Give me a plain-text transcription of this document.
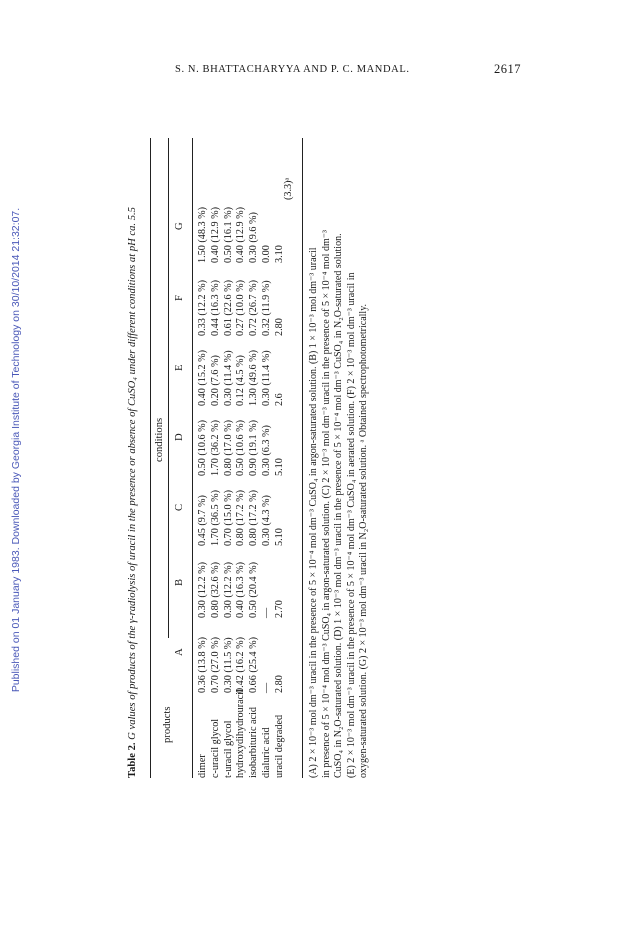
Published on 01 January 1983. Downloaded by Georgia Institute of Technology on 30/10/2014 21:32:07.
S. N. BHATTACHARYYA AND P. C. MANDAL.	2617
Table 2. G values of products of the γ-radiolysis of uracil in the presence or absence of CuSO₄ under different conditions at pH ca. 5.5 conditions
products
A
B
C
D
E
F
G
dimer
0.36 (13.8 %)
0.30 (12.2 %)
0.45 (9.7 %)
0.50 (10.6 %)
0.40 (15.2 %)
0.33 (12.2 %)
1.50 (48.3 %)
c-uracil glycol
0.70 (27.0 %)
0.80 (32.6 %)
1.70 (36.5 %)
1.70 (36.2 %)
0.20 (7.6 %)
0.44 (16.3 %)
0.40 (12.9 %)
t-uracil glycol
0.30 (11.5 %)
0.30 (12.2 %)
0.70 (15.0 %)
0.80 (17.0 %)
0.30 (11.4 %)
0.61 (22.6 %)
0.50 (16.1 %)
hydroxydihydrouracil
0.42 (16.2 %)
0.40 (16.3 %)
0.80 (17.2 %)
0.50 (10.6 %)
0.12 (4.5 %)
0.27 (10.0 %)
0.40 (12.9 %)
isobarbituric acid
0.66 (25.4 %)
0.50 (20.4 %)
0.80 (17.2 %)
0.90 (19.1 %)
1.30 (49.6 %)
0.72 (26.7 %)
0.30 (9.6 %)
dialuric acid
—
—
0.30 (4.3 %)
0.30 (6.3 %)
0.30 (11.4 %)
0.32 (11.9 %)
0.00
uracil degraded
2.80
2.70
5.10
5.10
2.6
2.80
3.10
(3.3)ᵃ
(A) 2 × 10⁻³ mol dm⁻³ uracil in the presence of 5 × 10⁻⁴ mol dm⁻³ CuSO₄ in argon-saturated solution. (B) 1 × 10⁻³ mol dm⁻³ uracil in presence of 5 × 10⁻⁴ mol dm⁻³ CuSO₄ in argon-saturated solution. (C) 2 × 10⁻³ mol dm⁻³ uracil in the presence of 5 × 10⁻⁴ mol dm⁻³ CuSO₄ in N₂O-saturated solution. (D) 1 × 10⁻³ mol dm⁻³ uracil in the presence of 5 × 10⁻⁴ mol dm⁻³ CuSO₄ in N₂O-saturated solution. (E) 2 × 10⁻³ mol dm⁻³ uracil in the presence of 5 × 10⁻⁴ mol dm⁻³ CuSO₄ in aerated solution. (F) 2 × 10⁻³ mol dm⁻³ uracil in oxygen-saturated solution. (G) 2 × 10⁻³ mol dm⁻³ uracil in N₂O-saturated solution. ᵃ Obtained spectrophotometrically.
